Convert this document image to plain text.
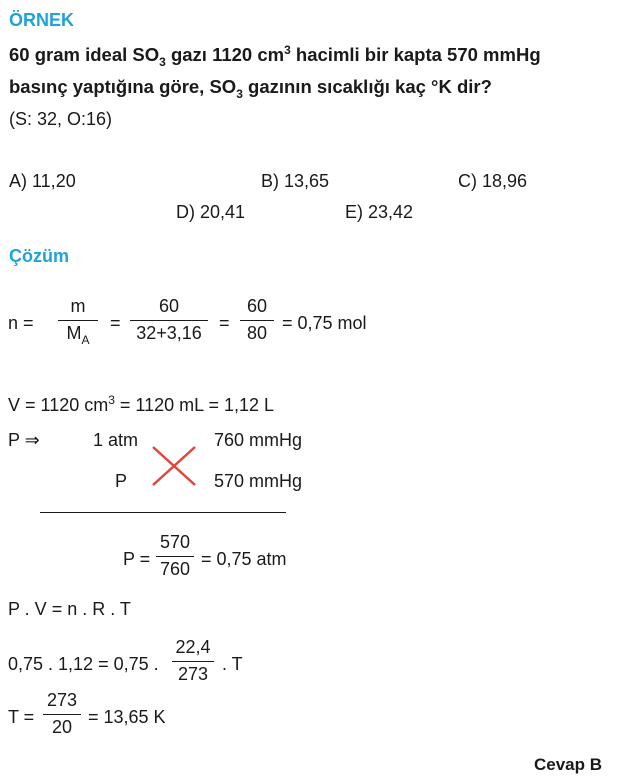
ÖRNEK
60 gram ideal $SO_3$ gazı 1120 $cm^3$ hacimli bir kapta 570 mmHg
basınç yaptığına göre, $SO_3$ gazının sıcaklığı kaç °K dir?
(S: 32, O:16)
A) 11,20	B) 13,65	C) 18,96
D) 20,41	E) 23,42
Çözüm
n =
m
$M_A$
=
60
32+3,16 =
60
80 = 0,75 mol
V = 1120 $cm^3 = 1120$ mL = 1,12 L
P ⇒	1 atm	760 mmHg
P	570 mmHg
P =
570
760 = 0,75 atm
P . V = n . R . T
0,75 . 1,12 = 0,75 .
22,4
273 . T
T =
273
20 = 13,65 K
Cevap B
